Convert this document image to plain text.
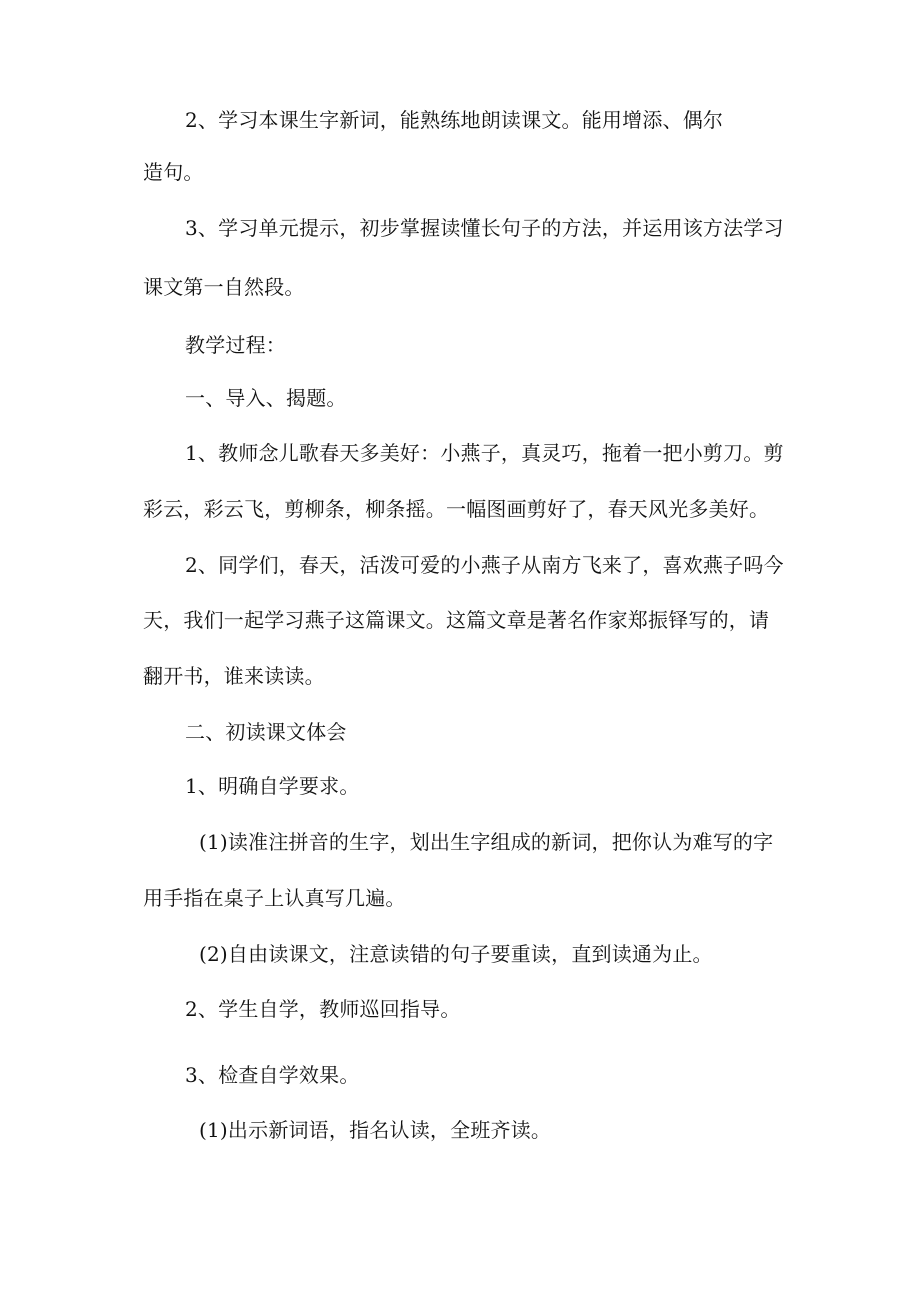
2、学习本课生字新词，能熟练地朗读课文。能用增添、偶尔

造句。

3、学习单元提示，初步掌握读懂长句子的方法，并运用该方法学习

课文第一自然段。

教学过程：

一、导入、揭题。

1、教师念儿歌春天多美好：小燕子，真灵巧，拖着一把小剪刀。剪

彩云，彩云飞，剪柳条，柳条摇。一幅图画剪好了，春天风光多美好。

2、同学们，春天，活泼可爱的小燕子从南方飞来了，喜欢燕子吗今

天，我们一起学习燕子这篇课文。这篇文章是著名作家郑振铎写的，请

翻开书，谁来读读。

二、初读课文体会

1、明确自学要求。

(1)读准注拼音的生字，划出生字组成的新词，把你认为难写的字

用手指在桌子上认真写几遍。

(2)自由读课文，注意读错的句子要重读，直到读通为止。

2、学生自学，教师巡回指导。

3、检查自学效果。

(1)出示新词语，指名认读，全班齐读。
